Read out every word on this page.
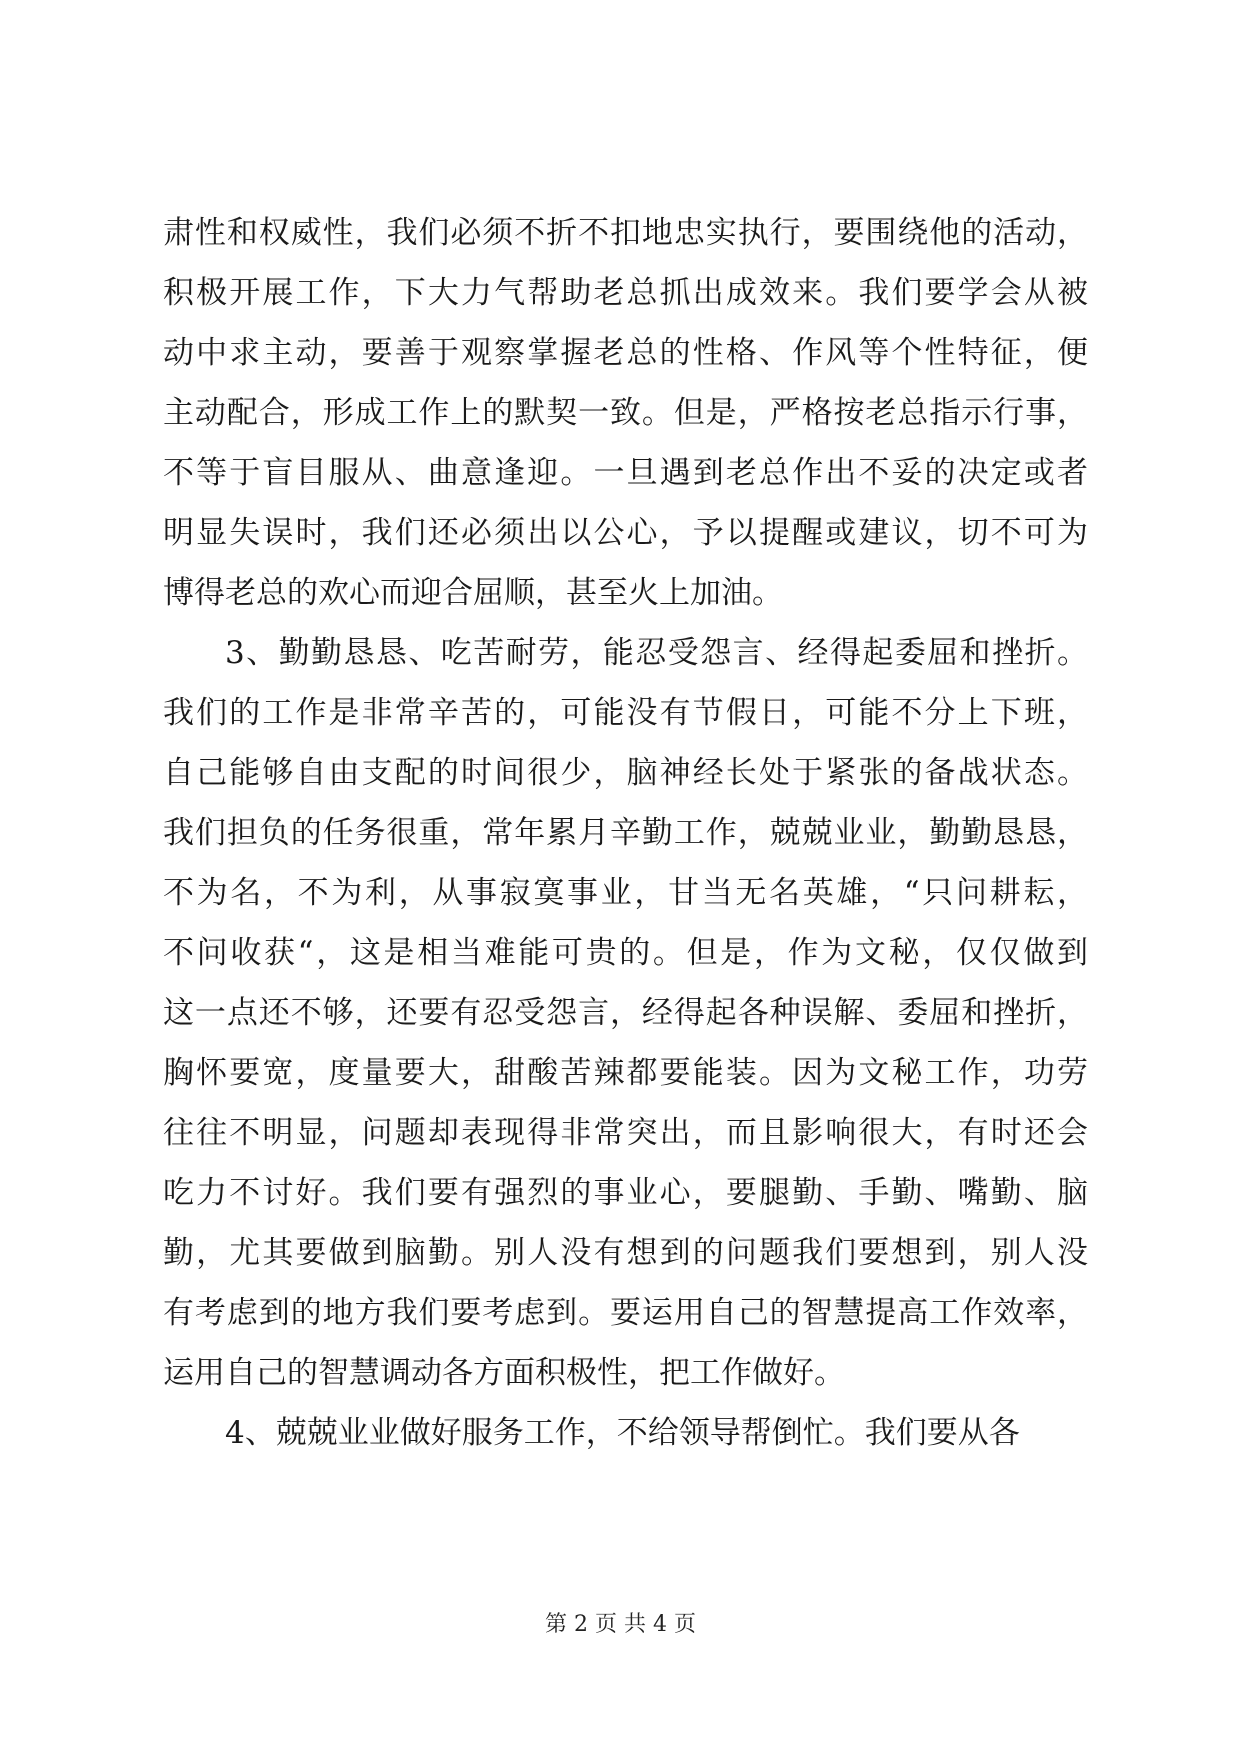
肃性和权威性，我们必须不折不扣地忠实执行，要围绕他的活动，
积极开展工作，下大力气帮助老总抓出成效来。我们要学会从被
动中求主动，要善于观察掌握老总的性格、作风等个性特征，便
主动配合，形成工作上的默契一致。但是，严格按老总指示行事，
不等于盲目服从、曲意逢迎。一旦遇到老总作出不妥的决定或者
明显失误时，我们还必须出以公心，予以提醒或建议，切不可为
博得老总的欢心而迎合屈顺，甚至火上加油。
3、勤勤恳恳、吃苦耐劳，能忍受怨言、经得起委屈和挫折。
我们的工作是非常辛苦的，可能没有节假日，可能不分上下班，
自己能够自由支配的时间很少，脑神经长处于紧张的备战状态。
我们担负的任务很重，常年累月辛勤工作，兢兢业业，勤勤恳恳，
不为名，不为利，从事寂寞事业，甘当无名英雄，“只问耕耘，
不问收获“，这是相当难能可贵的。但是，作为文秘，仅仅做到
这一点还不够，还要有忍受怨言，经得起各种误解、委屈和挫折，
胸怀要宽，度量要大，甜酸苦辣都要能装。因为文秘工作，功劳
往往不明显，问题却表现得非常突出，而且影响很大，有时还会
吃力不讨好。我们要有强烈的事业心，要腿勤、手勤、嘴勤、脑
勤，尤其要做到脑勤。别人没有想到的问题我们要想到，别人没
有考虑到的地方我们要考虑到。要运用自己的智慧提高工作效率，
运用自己的智慧调动各方面积极性，把工作做好。
4、兢兢业业做好服务工作，不给领导帮倒忙。我们要从各
第 2 页 共 4 页
